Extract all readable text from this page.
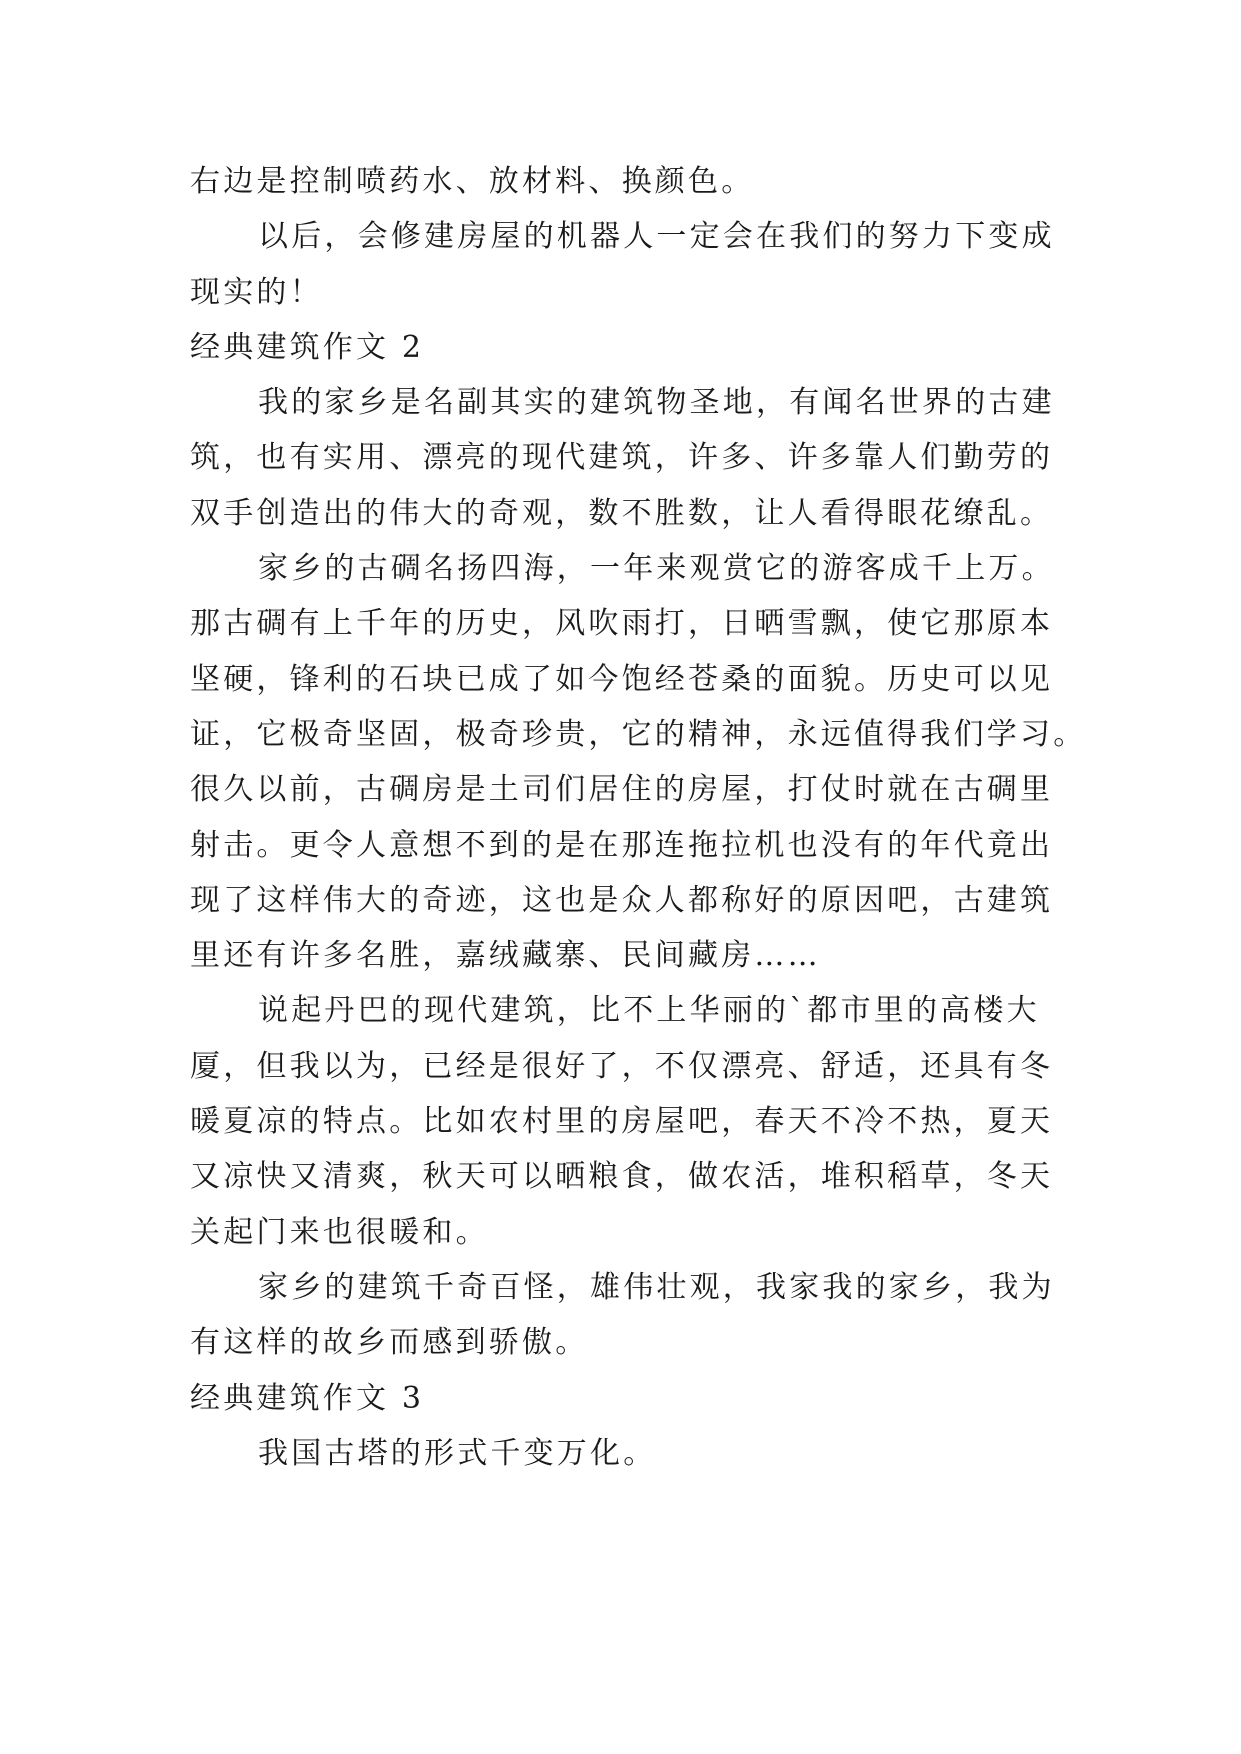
右边是控制喷药水、放材料、换颜色。
以后，会修建房屋的机器人一定会在我们的努力下变成
现实的！
经典建筑作文 2
我的家乡是名副其实的建筑物圣地，有闻名世界的古建
筑，也有实用、漂亮的现代建筑，许多、许多靠人们勤劳的
双手创造出的伟大的奇观，数不胜数，让人看得眼花缭乱。
家乡的古碉名扬四海，一年来观赏它的游客成千上万。
那古碉有上千年的历史，风吹雨打，日晒雪飘，使它那原本
坚硬，锋利的石块已成了如今饱经苍桑的面貌。历史可以见
证，它极奇坚固，极奇珍贵，它的精神，永远值得我们学习。
很久以前，古碉房是土司们居住的房屋，打仗时就在古碉里
射击。更令人意想不到的是在那连拖拉机也没有的年代竟出
现了这样伟大的奇迹，这也是众人都称好的原因吧，古建筑
里还有许多名胜，嘉绒藏寨、民间藏房……
说起丹巴的现代建筑，比不上华丽的`都市里的高楼大
厦，但我以为，已经是很好了，不仅漂亮、舒适，还具有冬
暖夏凉的特点。比如农村里的房屋吧，春天不冷不热，夏天
又凉快又清爽，秋天可以晒粮食，做农活，堆积稻草，冬天
关起门来也很暖和。
家乡的建筑千奇百怪，雄伟壮观，我家我的家乡，我为
有这样的故乡而感到骄傲。
经典建筑作文 3
我国古塔的形式千变万化。
